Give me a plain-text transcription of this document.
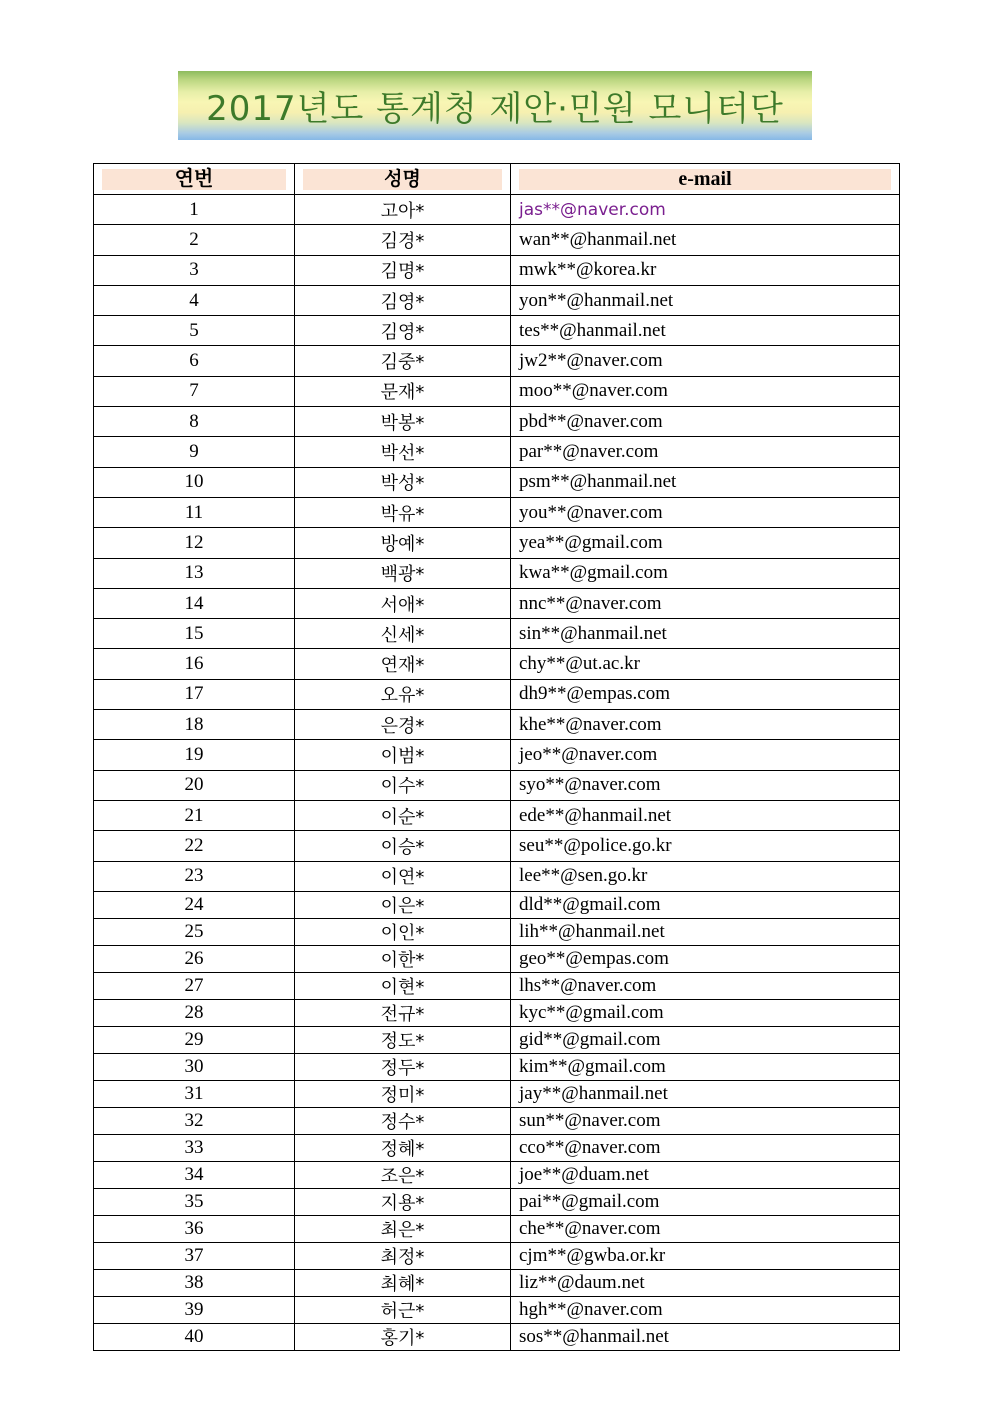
2017년도 통계청 제안·민원 모니터단
연번	성명	e-mail

1	고아*	jas**@naver.com
2	김경*	wan**@hanmail.net
3	김명*	mwk**@korea.kr
4	김영*	yon**@hanmail.net
5	김영*	tes**@hanmail.net
6	김중*	jw2**@naver.com
7	문재*	moo**@naver.com
8	박봉*	pbd**@naver.com
9	박선*	par**@naver.com
10	박성*	psm**@hanmail.net
11	박유*	you**@naver.com
12	방예*	yea**@gmail.com
13	백광*	kwa**@gmail.com
14	서애*	nnc**@naver.com
15	신세*	sin**@hanmail.net
16	연재*	chy**@ut.ac.kr
17	오유*	dh9**@empas.com
18	은경*	khe**@naver.com
19	이범*	jeo**@naver.com
20	이수*	syo**@naver.com
21	이순*	ede**@hanmail.net
22	이승*	seu**@police.go.kr
23	이연*	lee**@sen.go.kr
24	이은*	dld**@gmail.com
25	이인*	lih**@hanmail.net
26	이한*	geo**@empas.com
27	이현*	lhs**@naver.com
28	전규*	kyc**@gmail.com
29	정도*	gid**@gmail.com
30	정두*	kim**@gmail.com
31	정미*	jay**@hanmail.net
32	정수*	sun**@naver.com
33	정혜*	cco**@naver.com
34	조은*	joe**@duam.net
35	지용*	pai**@gmail.com
36	최은*	che**@naver.com
37	최정*	cjm**@gwba.or.kr
38	최혜*	liz**@daum.net
39	허근*	hgh**@naver.com
40	홍기*	sos**@hanmail.net
